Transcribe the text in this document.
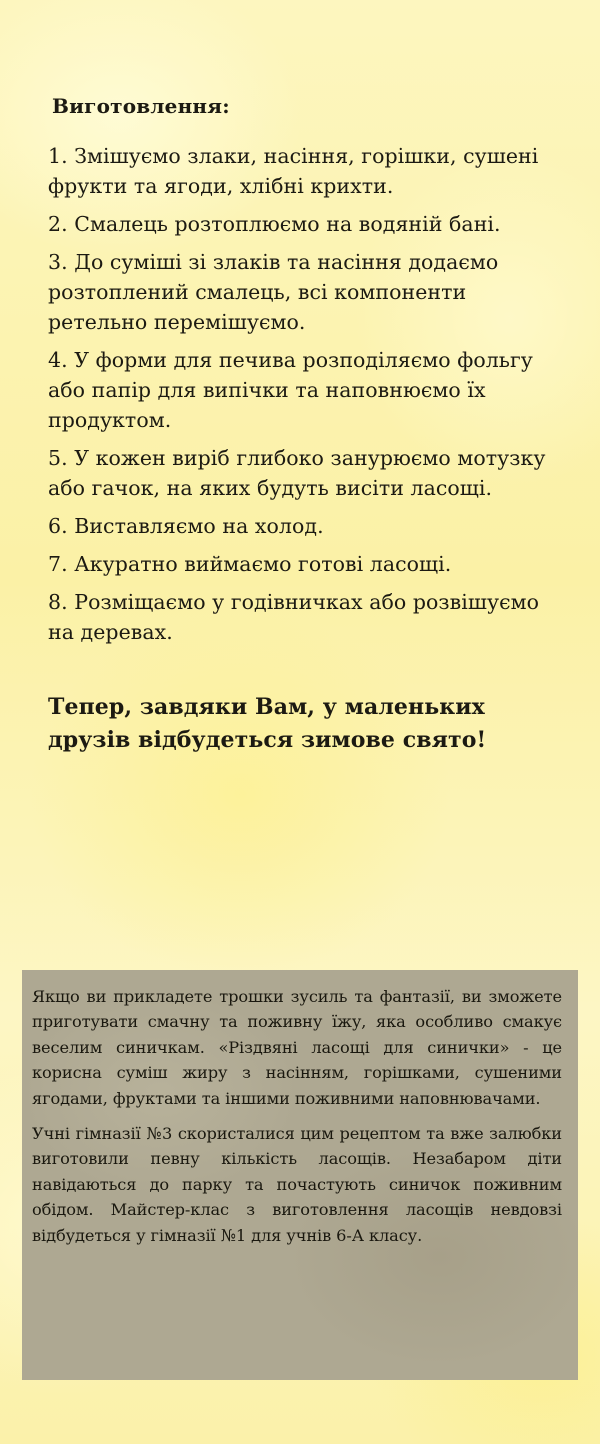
Виготовлення:
1. Змішуємо злаки, насіння, горішки, сушені фрукти та ягоди, хлібні крихти.
2. Смалець розтоплюємо на водяній бані.
3. До суміші зі злаків та насіння додаємо розтоплений смалець, всі компоненти ретельно перемішуємо.
4. У форми для печива розподіляємо фольгу або папір для випічки та наповнюємо їх продуктом.
5. У кожен виріб глибоко занурюємо мотузку або гачок, на яких будуть висіти ласощі.
6. Виставляємо на холод.
7. Акуратно виймаємо готові ласощі.
8. Розміщаємо у годівничках або розвішуємо на деревах.
Тепер, завдяки Вам, у маленьких друзів відбудеться зимове свято!

Якщо ви прикладете трошки зусиль та фантазії, ви зможете приготувати смачну та поживну їжу, яка особливо смакує веселим синичкам. «Різдвяні ласощі для синички» - це корисна суміш жиру з насінням, горішками, сушеними ягодами, фруктами та іншими поживними наповнювачами.

Учні гімназії №3 скористалися цим рецептом та вже залюбки виготовили певну кількість ласощів. Незабаром діти навідаються до парку та почастують синичок поживним обідом. Майстер-клас з виготовлення ласощів невдовзі відбудеться у гімназії №1 для учнів 6-А класу.
